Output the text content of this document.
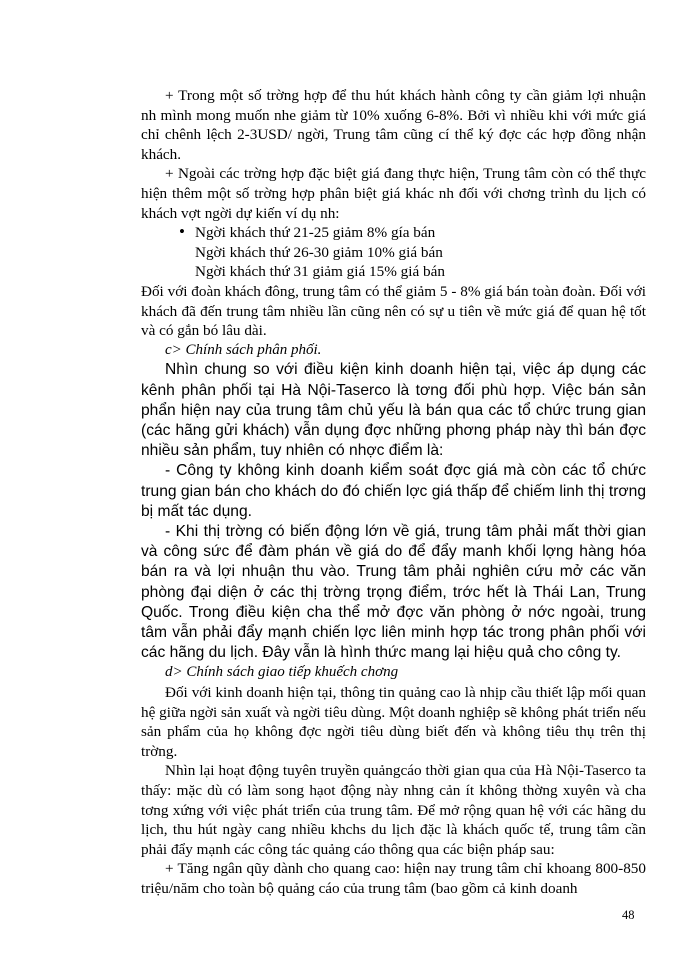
+ Trong một số trờng hợp để thu hút khách hành công ty cần giảm lợi nhuận nh mình mong muốn nhe giảm từ 10% xuống 6-8%. Bởi vì nhiều khi với mức giá chỉ chênh lệch 2-3USD/ ngời, Trung tâm cũng cí thể ký đợc các hợp đồng nhận khách.

+ Ngoài các trờng hợp đặc biệt giá đang thực hiện, Trung tâm còn có thể thực hiện thêm một số trờng hợp phân biệt giá khác nh đối với chơng trình du lịch có khách vợt ngời dự kiến ví dụ nh:

• Ngời khách thứ 21-25 giảm 8% gía bán
Ngời khách thứ 26-30 giảm 10% giá bán
Ngời khách thứ 31 giảm giá 15% giá bán

Đối với đoàn khách đông, trung tâm có thể giảm 5 - 8% giá bán toàn đoàn. Đối với khách đã đến trung tâm nhiều lần cũng nên có sự u tiên về mức giá để quan hệ tốt và có gắn bó lâu dài.

c> Chính sách phân phối.

Nhìn chung so với điều kiện kinh doanh hiện tại, việc áp dụng các kênh phân phối tại Hà Nội-Taserco là tơng đối phù hợp. Việc bán sản phẩn hiện nay của trung tâm chủ yếu là bán qua các tổ chức trung gian (các hãng gửi khách) vẫn dụng đợc những phơng pháp này thì bán đợc nhiều sản phẩm, tuy nhiên có nhợc điểm là:

- Công ty không kinh doanh kiểm soát đợc giá mà còn các tổ chức trung gian bán cho khách do đó chiến lợc giá thấp để chiếm linh thị trơng bị mất tác dụng.

- Khi thị trờng có biến động lớn về giá, trung tâm phải mất thời gian và công sức để đàm phán về giá do để đẩy manh khối lợng hàng hóa bán ra và lợi nhuận thu vào. Trung tâm phải nghiên cứu mở các văn phòng đại diện ở các thị trờng trọng điểm, trớc hết là Thái Lan, Trung Quốc. Trong điều kiện cha thể mở đợc văn phòng ở nớc ngoài, trung tâm vẫn phải đẩy mạnh chiến lợc liên minh hợp tác trong phân phối với các hãng du lịch. Đây vẫn là hình thức mang lại hiệu quả cho công ty.

d> Chính sách giao tiếp khuếch chơng

Đối với kinh doanh hiện tại, thông tin quảng cao là nhịp cầu thiết lập mối quan hệ giữa ngời sản xuất và ngời tiêu dùng. Một doanh nghiệp sẽ không phát triển nếu sản phẩm của họ không đợc ngời tiêu dùng biết đến và không tiêu thụ trên thị trờng.

Nhìn lại hoạt động tuyên truyền quảngcáo thời gian qua của Hà Nội-Taserco ta thấy: mặc dù có làm song hạot động này nhng cản ít không thờng xuyên và cha tơng xứng với việc phát triển của trung tâm. Để mở rộng quan hệ với các hãng du lịch, thu hút ngày cang nhiều khchs du lịch đặc là khách quốc tế, trung tâm cần phải đẩy mạnh các công tác quảng cáo thông qua các biện pháp sau:

+ Tăng ngân qũy dành cho quang cao: hiện nay trung tâm chỉ khoang 800-850 triệu/năm cho toàn bộ quảng cáo của trung tâm (bao gồm cả kinh doanh

48
